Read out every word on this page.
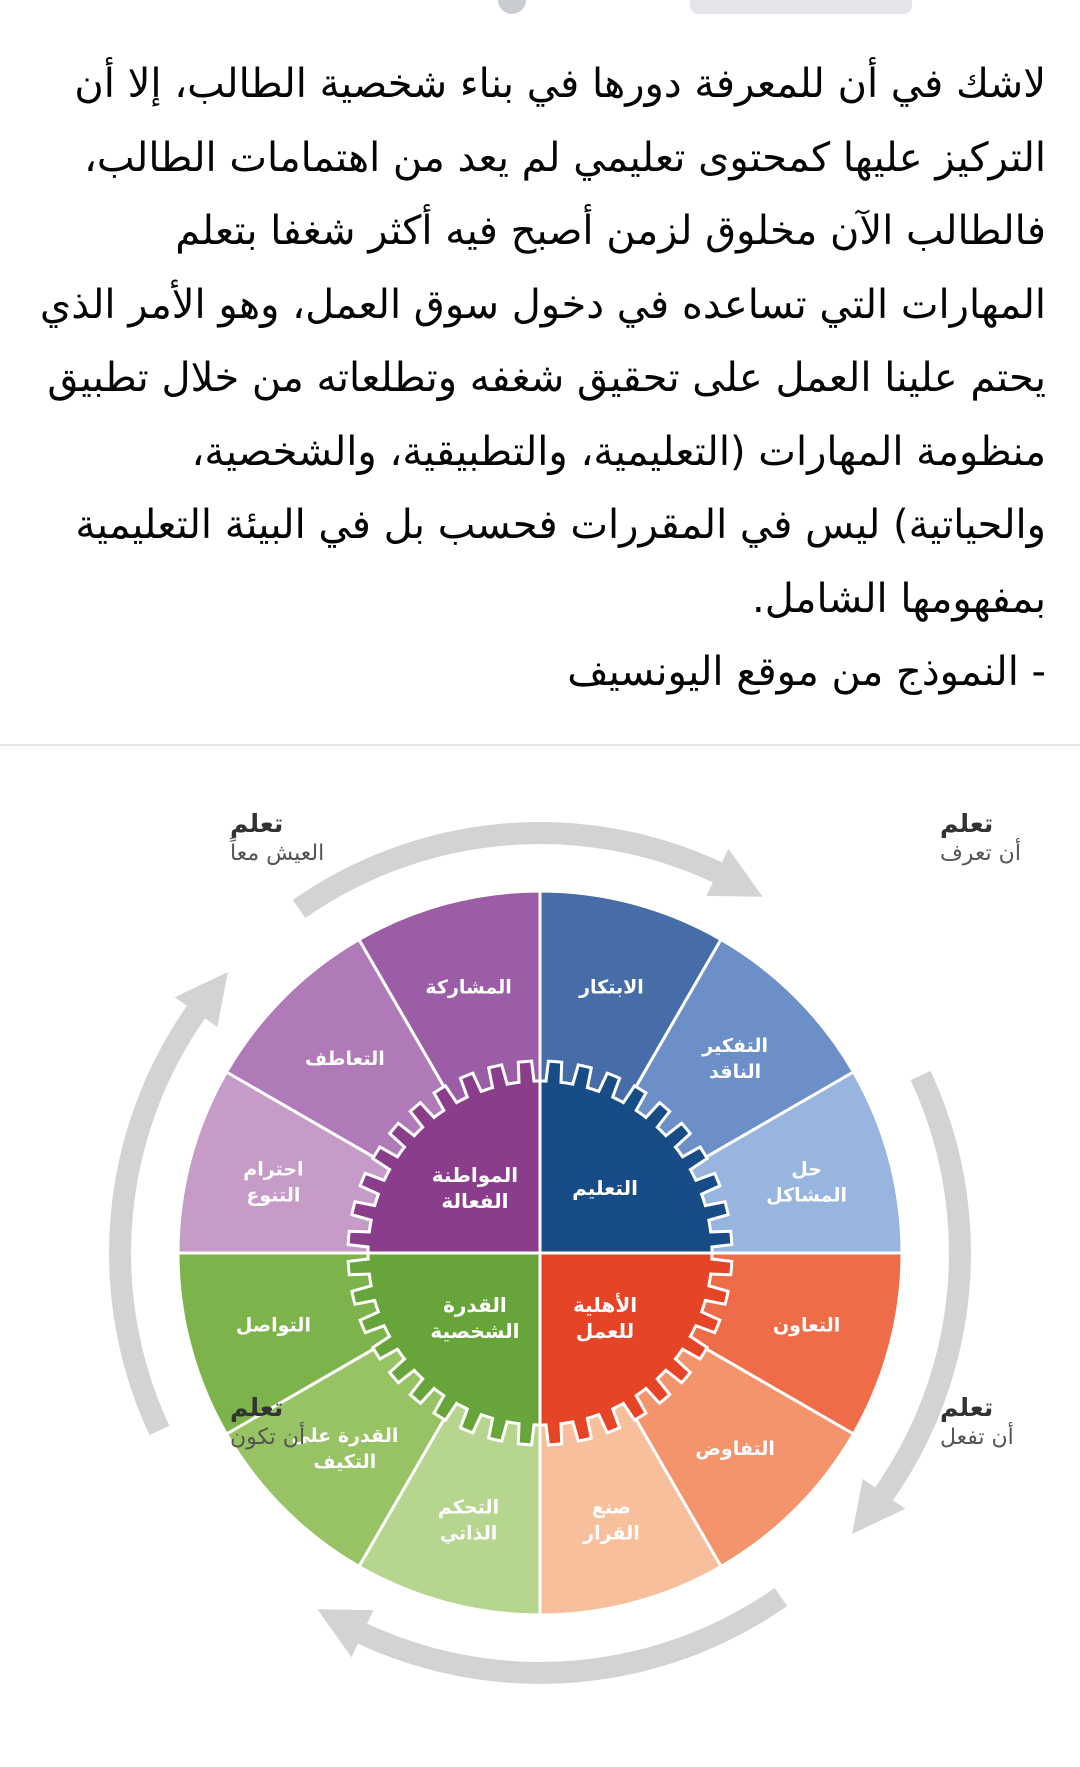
لاشك في أن للمعرفة دورها في بناء شخصية الطالب، إلا أن التركيز عليها كمحتوى تعليمي لم يعد من اهتمامات الطالب، فالطالب الآن مخلوق لزمن أصبح فيه أكثر شغفا بتعلم المهارات التي تساعده في دخول سوق العمل، وهو الأمر الذي يحتم علينا العمل على تحقيق شغفه وتطلعاته من خلال تطبيق منظومة المهارات (التعليمية، والتطبيقية، والشخصية، والحياتية) ليس في المقررات فحسب بل في البيئة التعليمية بمفهومها الشامل.

- النموذج من موقع اليونسيف

الابتكار
التفكير الناقد
حل المشاكل
التعاون
التفاوض
صنع القرار
التحكم الذاتي
القدرة على التكيف
التواصل
احترام التنوع
التعاطف
المشاركة
التعليم
الأهلية للعمل
القدرة الشخصية
المواطنة الفعالة
تعلم
العيش معاً
تعلم
أن تعرف
تعلم
أن تكون
تعلم
أن تفعل
